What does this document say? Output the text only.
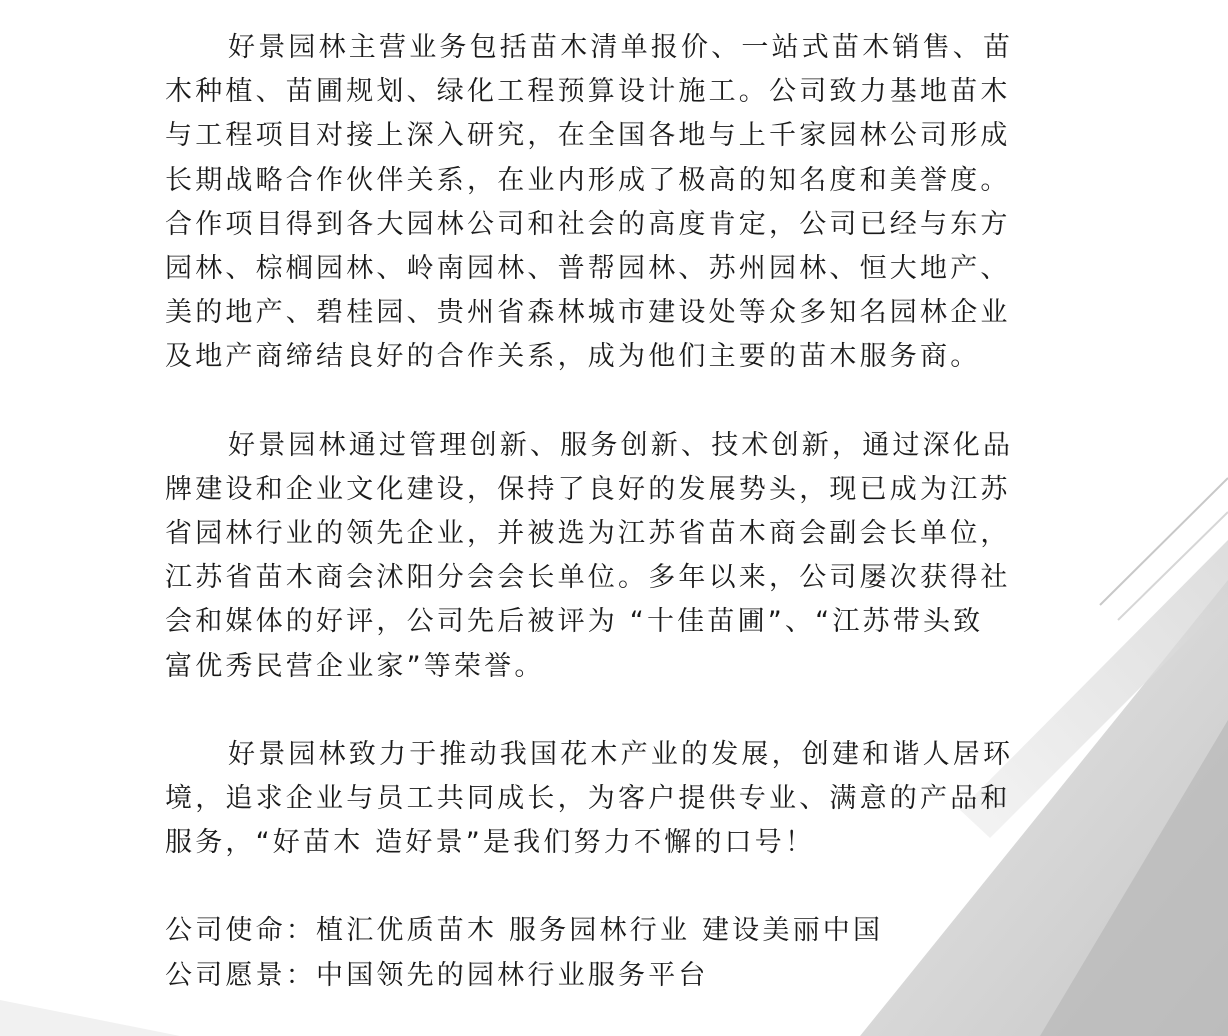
好景园林主营业务包括苗木清单报价、一站式苗木销售、苗
木种植、苗圃规划、绿化工程预算设计施工。公司致力基地苗木
与工程项目对接上深入研究，在全国各地与上千家园林公司形成
长期战略合作伙伴关系，在业内形成了极高的知名度和美誉度。
合作项目得到各大园林公司和社会的高度肯定，公司已经与东方
园林、棕榈园林、岭南园林、普帮园林、苏州园林、恒大地产、
美的地产、碧桂园、贵州省森林城市建设处等众多知名园林企业
及地产商缔结良好的合作关系，成为他们主要的苗木服务商。

好景园林通过管理创新、服务创新、技术创新，通过深化品
牌建设和企业文化建设，保持了良好的发展势头，现已成为江苏
省园林行业的领先企业，并被选为江苏省苗木商会副会长单位，
江苏省苗木商会沭阳分会会长单位。多年以来，公司屡次获得社
会和媒体的好评，公司先后被评为 “十佳苗圃”、“江苏带头致
富优秀民营企业家”等荣誉。

好景园林致力于推动我国花木产业的发展，创建和谐人居环
境，追求企业与员工共同成长，为客户提供专业、满意的产品和
服务，“好苗木 造好景”是我们努力不懈的口号！

公司使命：植汇优质苗木 服务园林行业 建设美丽中国
公司愿景：中国领先的园林行业服务平台
